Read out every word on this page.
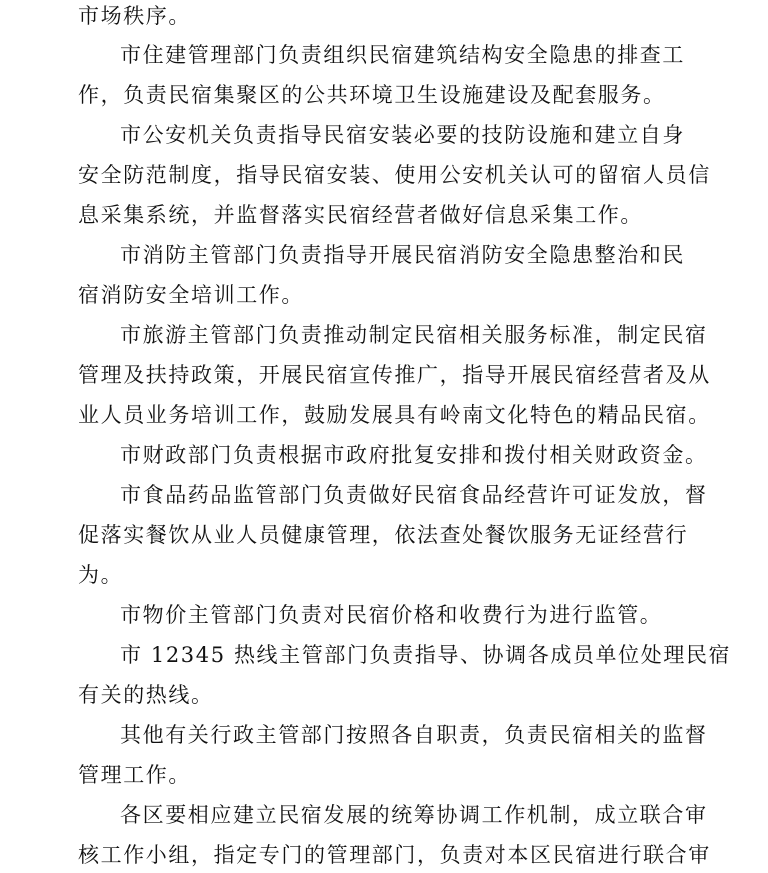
市场秩序。
市住建管理部门负责组织民宿建筑结构安全隐患的排查工
作，负责民宿集聚区的公共环境卫生设施建设及配套服务。
市公安机关负责指导民宿安装必要的技防设施和建立自身
安全防范制度，指导民宿安装、使用公安机关认可的留宿人员信
息采集系统，并监督落实民宿经营者做好信息采集工作。
市消防主管部门负责指导开展民宿消防安全隐患整治和民
宿消防安全培训工作。
市旅游主管部门负责推动制定民宿相关服务标准，制定民宿
管理及扶持政策，开展民宿宣传推广，指导开展民宿经营者及从
业人员业务培训工作，鼓励发展具有岭南文化特色的精品民宿。
市财政部门负责根据市政府批复安排和拨付相关财政资金。
市食品药品监管部门负责做好民宿食品经营许可证发放，督
促落实餐饮从业人员健康管理，依法查处餐饮服务无证经营行
为。
市物价主管部门负责对民宿价格和收费行为进行监管。
市 12345 热线主管部门负责指导、协调各成员单位处理民宿
有关的热线。
其他有关行政主管部门按照各自职责，负责民宿相关的监督
管理工作。
各区要相应建立民宿发展的统筹协调工作机制，成立联合审
核工作小组，指定专门的管理部门，负责对本区民宿进行联合审
